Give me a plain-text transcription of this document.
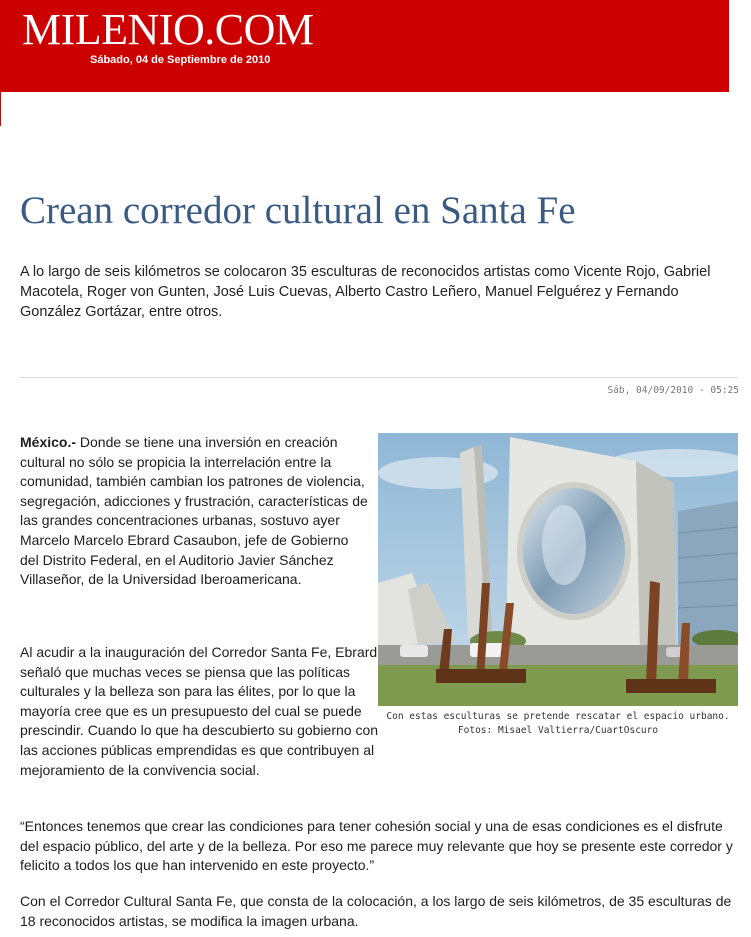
MILENIO.COM
Sábado, 04 de Septiembre de 2010
Crean corredor cultural en Santa Fe

A lo largo de seis kilómetros se colocaron 35 esculturas de reconocidos artistas como Vicente Rojo, Gabriel Macotela, Roger von Gunten, José Luis Cuevas, Alberto Castro Leñero, Manuel Felguérez y Fernando González Gortázar, entre otros.

Sáb, 04/09/2010 - 05:25

México.- Donde se tiene una inversión en creación cultural no sólo se propicia la interrelación entre la comunidad, también cambian los patrones de violencia, segregación, adicciones y frustración, características de las grandes concentraciones urbanas, sostuvo ayer Marcelo Marcelo Ebrard Casaubon, jefe de Gobierno del Distrito Federal, en el Auditorio Javier Sánchez Villaseñor, de la Universidad Iberoamericana.

Con estas esculturas se pretende rescatar el espacio urbano. Fotos: Misael Valtierra/CuartOscuro

Al acudir a la inauguración del Corredor Santa Fe, Ebrard señaló que muchas veces se piensa que las políticas culturales y la belleza son para las élites, por lo que la mayoría cree que es un presupuesto del cual se puede prescindir. Cuando lo que ha descubierto su gobierno con las acciones públicas emprendidas es que contribuyen al mejoramiento de la convivencia social.

“Entonces tenemos que crear las condiciones para tener cohesión social y una de esas condiciones es el disfrute del espacio público, del arte y de la belleza. Por eso me parece muy relevante que hoy se presente este corredor y felicito a todos los que han intervenido en este proyecto.”

Con el Corredor Cultural Santa Fe, que consta de la colocación, a los largo de seis kilómetros, de 35 esculturas de 18 reconocidos artistas, se modifica la imagen urbana.
